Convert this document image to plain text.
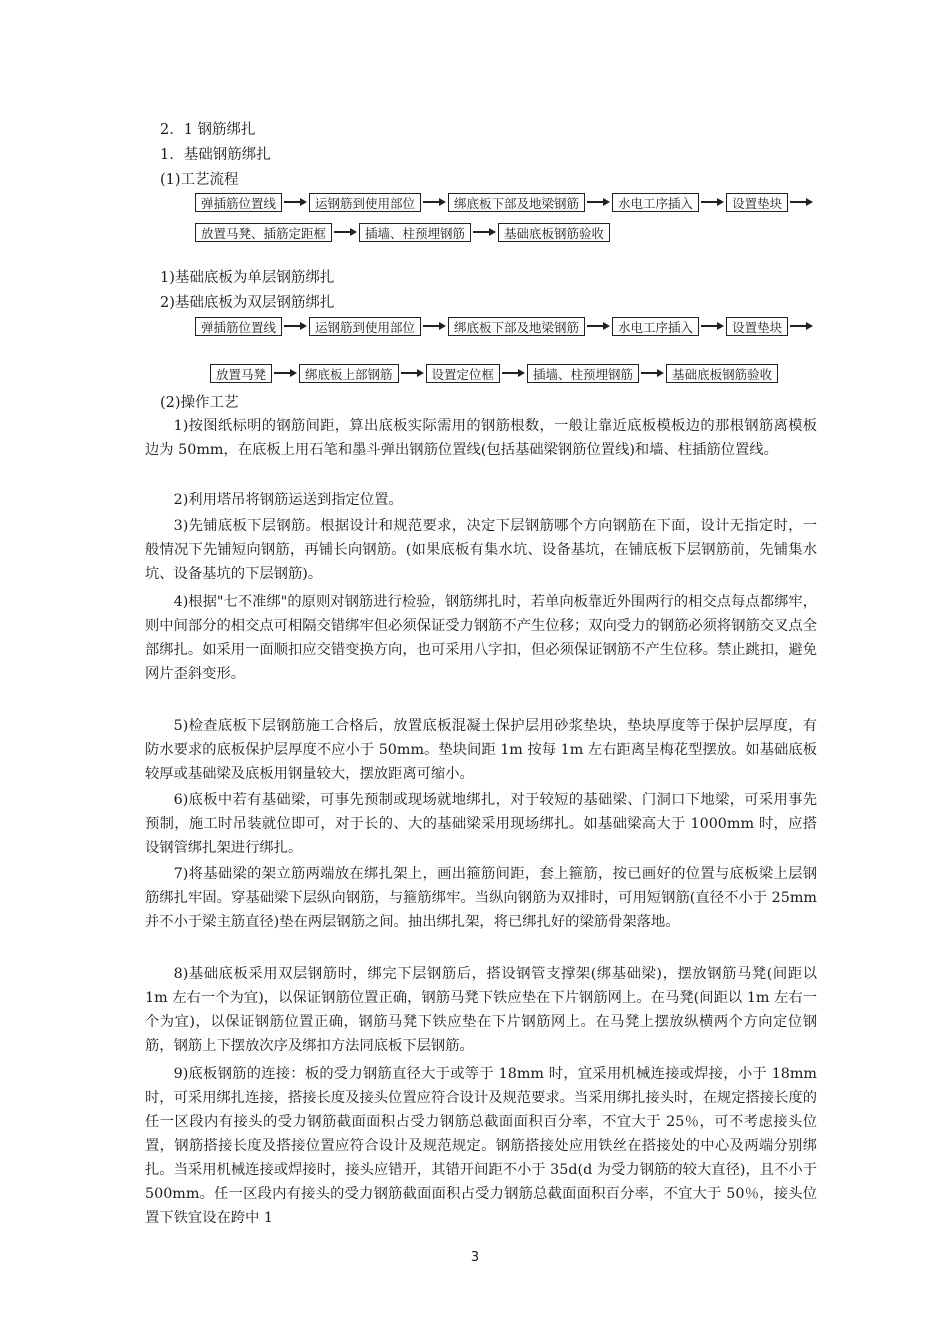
2．1 钢筋绑扎
1．基础钢筋绑扎
(1)工艺流程
弹插筋位置线	运钢筋到使用部位	绑底板下部及地梁钢筋	水电工序插入	设置垫块
放置马凳、插筋定距框	插墙、柱预埋钢筋	基础底板钢筋验收
1)基础底板为单层钢筋绑扎
2)基础底板为双层钢筋绑扎
弹插筋位置线	运钢筋到使用部位	绑底板下部及地梁钢筋	水电工序插入	设置垫块
放置马凳	绑底板上部钢筋	设置定位框	插墙、柱预埋钢筋	基础底板钢筋验收
(2)操作工艺

1)按图纸标明的钢筋间距，算出底板实际需用的钢筋根数，一般让靠近底板模板边的那根钢筋离模板边为 50mm，在底板上用石笔和墨斗弹出钢筋位置线(包括基础梁钢筋位置线)和墙、柱插筋位置线。

2)利用塔吊将钢筋运送到指定位置。

3)先铺底板下层钢筋。根据设计和规范要求，决定下层钢筋哪个方向钢筋在下面，设计无指定时，一般情况下先铺短向钢筋，再铺长向钢筋。(如果底板有集水坑、设备基坑，在铺底板下层钢筋前，先铺集水坑、设备基坑的下层钢筋)。

4)根据"七不准绑"的原则对钢筋进行检验，钢筋绑扎时，若单向板靠近外围两行的相交点每点都绑牢，则中间部分的相交点可相隔交错绑牢但必须保证受力钢筋不产生位移；双向受力的钢筋必须将钢筋交叉点全部绑扎。如采用一面顺扣应交错变换方向，也可采用八字扣，但必须保证钢筋不产生位移。禁止跳扣，避免网片歪斜变形。

5)检查底板下层钢筋施工合格后，放置底板混凝土保护层用砂浆垫块，垫块厚度等于保护层厚度，有防水要求的底板保护层厚度不应小于 50mm。垫块间距 1m 按每 1m 左右距离呈梅花型摆放。如基础底板较厚或基础梁及底板用钢量较大，摆放距离可缩小。

6)底板中若有基础梁，可事先预制或现场就地绑扎，对于较短的基础梁、门洞口下地梁，可采用事先预制，施工时吊装就位即可，对于长的、大的基础梁采用现场绑扎。如基础梁高大于 1000mm 时，应搭设钢管绑扎架进行绑扎。

7)将基础梁的架立筋两端放在绑扎架上，画出箍筋间距，套上箍筋，按已画好的位置与底板梁上层钢筋绑扎牢固。穿基础梁下层纵向钢筋，与箍筋绑牢。当纵向钢筋为双排时，可用短钢筋(直径不小于 25mm 并不小于梁主筋直径)垫在两层钢筋之间。抽出绑扎架，将已绑扎好的梁筋骨架落地。

8)基础底板采用双层钢筋时，绑完下层钢筋后，搭设钢管支撑架(绑基础梁)，摆放钢筋马凳(间距以 1m 左右一个为宜)，以保证钢筋位置正确，钢筋马凳下铁应垫在下片钢筋网上。在马凳(间距以 1m 左右一个为宜)，以保证钢筋位置正确，钢筋马凳下铁应垫在下片钢筋网上。在马凳上摆放纵横两个方向定位钢筋，钢筋上下摆放次序及绑扣方法同底板下层钢筋。

9)底板钢筋的连接：板的受力钢筋直径大于或等于 18mm 时，宜采用机械连接或焊接，小于 18mm 时，可采用绑扎连接，搭接长度及接头位置应符合设计及规范要求。当采用绑扎接头时，在规定搭接长度的任一区段内有接头的受力钢筋截面面积占受力钢筋总截面面积百分率，不宜大于 25％，可不考虑接头位置，钢筋搭接长度及搭接位置应符合设计及规范规定。钢筋搭接处应用铁丝在搭接处的中心及两端分别绑扎。当采用机械连接或焊接时，接头应错开，其错开间距不小于 35d(d 为受力钢筋的较大直径)，且不小于 500mm。任一区段内有接头的受力钢筋截面面积占受力钢筋总截面面积百分率，不宜大于 50％，接头位置下铁宜设在跨中 1

3
